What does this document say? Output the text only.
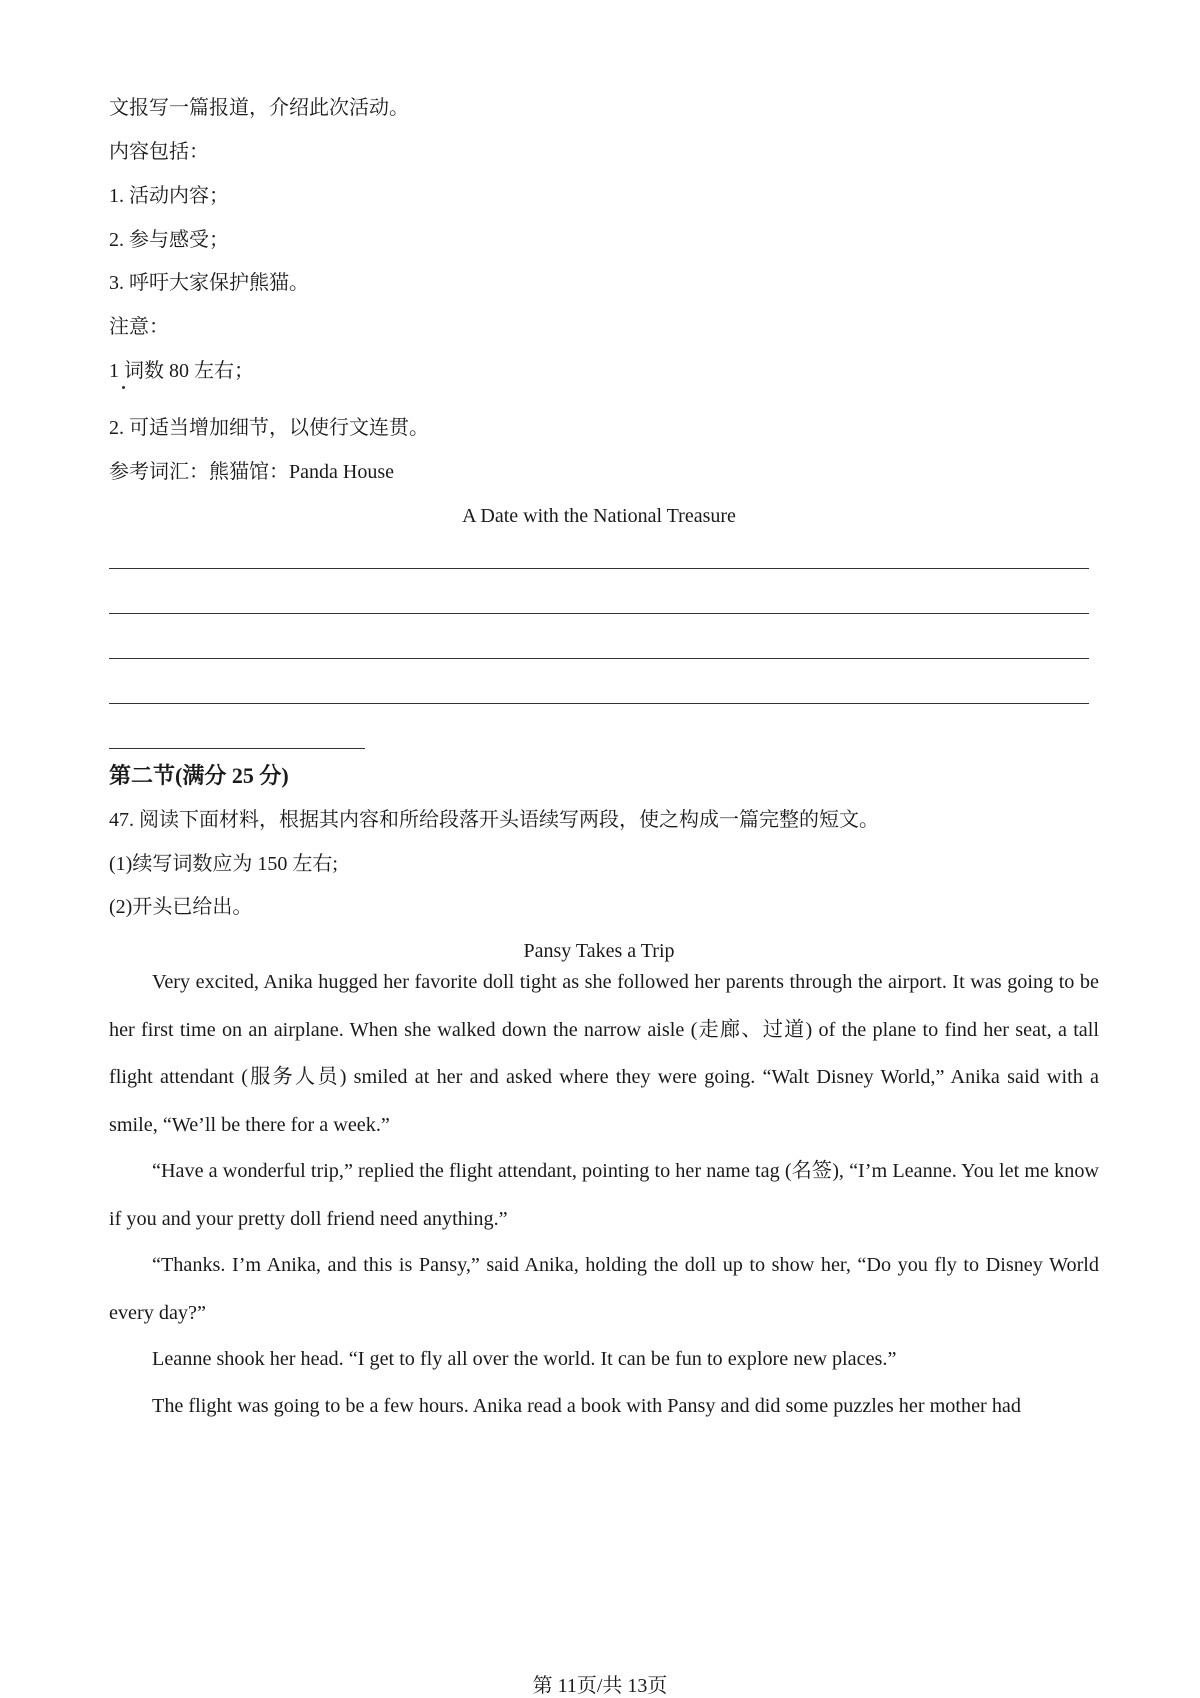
文报写一篇报道，介绍此次活动。
内容包括：
1. 活动内容；
2. 参与感受；
3. 呼吁大家保护熊猫。
注意：
1 词数 80 左右；
2. 可适当增加细节，以使行文连贯。
参考词汇：熊猫馆：Panda House
A Date with the National Treasure
第二节(满分 25 分)
47. 阅读下面材料，根据其内容和所给段落开头语续写两段，使之构成一篇完整的短文。
(1)续写词数应为 150 左右;
(2)开头已给出。
Pansy Takes a Trip
Very excited, Anika hugged her favorite doll tight as she followed her parents through the airport. It was going to be her first time on an airplane. When she walked down the narrow aisle (走廊、过道) of the plane to find her seat, a tall flight attendant (服务人员) smiled at her and asked where they were going. “Walt Disney World,” Anika said with a smile, “We’ll be there for a week.”
“Have a wonderful trip,” replied the flight attendant, pointing to her name tag (名签), “I’m Leanne. You let me know if you and your pretty doll friend need anything.”
“Thanks. I’m Anika, and this is Pansy,” said Anika, holding the doll up to show her, “Do you fly to Disney World every day?”
Leanne shook her head. “I get to fly all over the world. It can be fun to explore new places.”
The flight was going to be a few hours. Anika read a book with Pansy and did some puzzles her mother had
第 11页/共 13页
